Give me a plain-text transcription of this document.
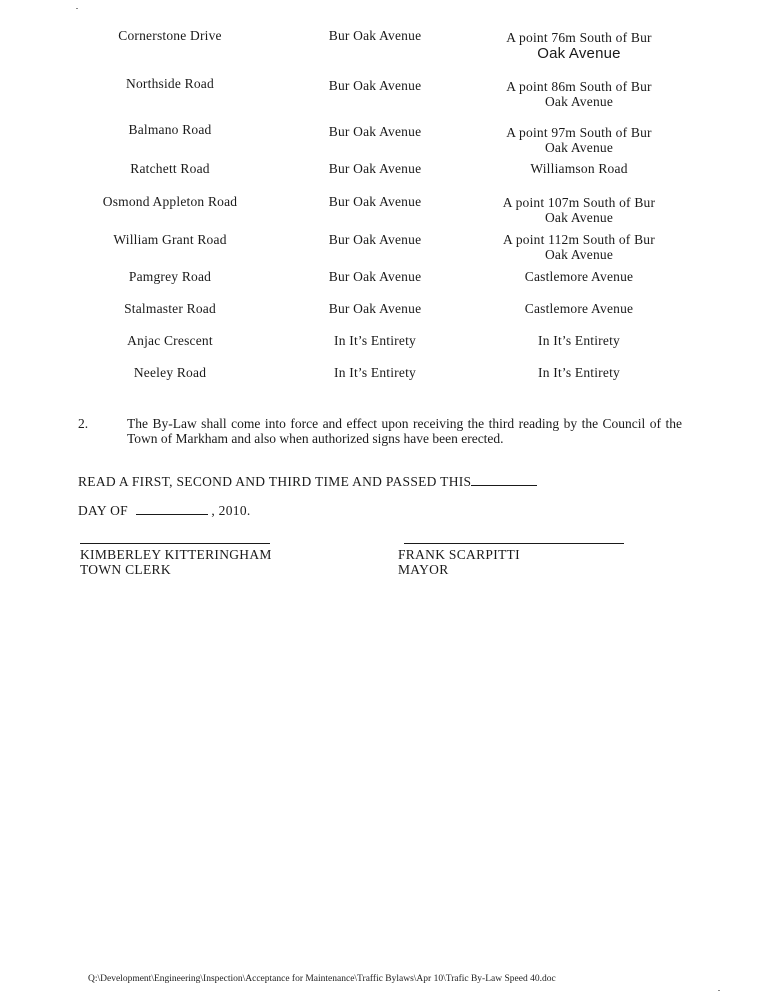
Cornerstone Drive	Bur Oak Avenue	A point 76m South of Bur

Oak Avenue
Northside Road	Bur Oak Avenue	A point 86m South of Bur
Oak Avenue
Balmano Road	Bur Oak Avenue	A point 97m South of Bur
Oak Avenue
Ratchett Road	Bur Oak Avenue	Williamson Road
Osmond Appleton Road	Bur Oak Avenue	A point 107m South of Bur
Oak Avenue
William Grant Road	Bur Oak Avenue	A point 112m South of Bur
Oak Avenue
Pamgrey Road	Bur Oak Avenue	Castlemore Avenue
Stalmaster Road	Bur Oak Avenue	Castlemore Avenue
Anjac Crescent	In It’s Entirety	In It’s Entirety
Neeley Road	In It’s Entirety	In It’s Entirety
2.	The By-Law shall come into force and effect upon receiving the third reading by the Council of the Town of Markham and also when authorized signs have been erected.
READ A FIRST, SECOND AND THIRD TIME AND PASSED THIS
DAY OF	, 2010.
KIMBERLEY KITTERINGHAM
TOWN CLERK
FRANK SCARPITTI
MAYOR
Q:\Development\Engineering\Inspection\Acceptance for Maintenance\Traffic Bylaws\Apr 10\Trafic By-Law Speed 40.doc
